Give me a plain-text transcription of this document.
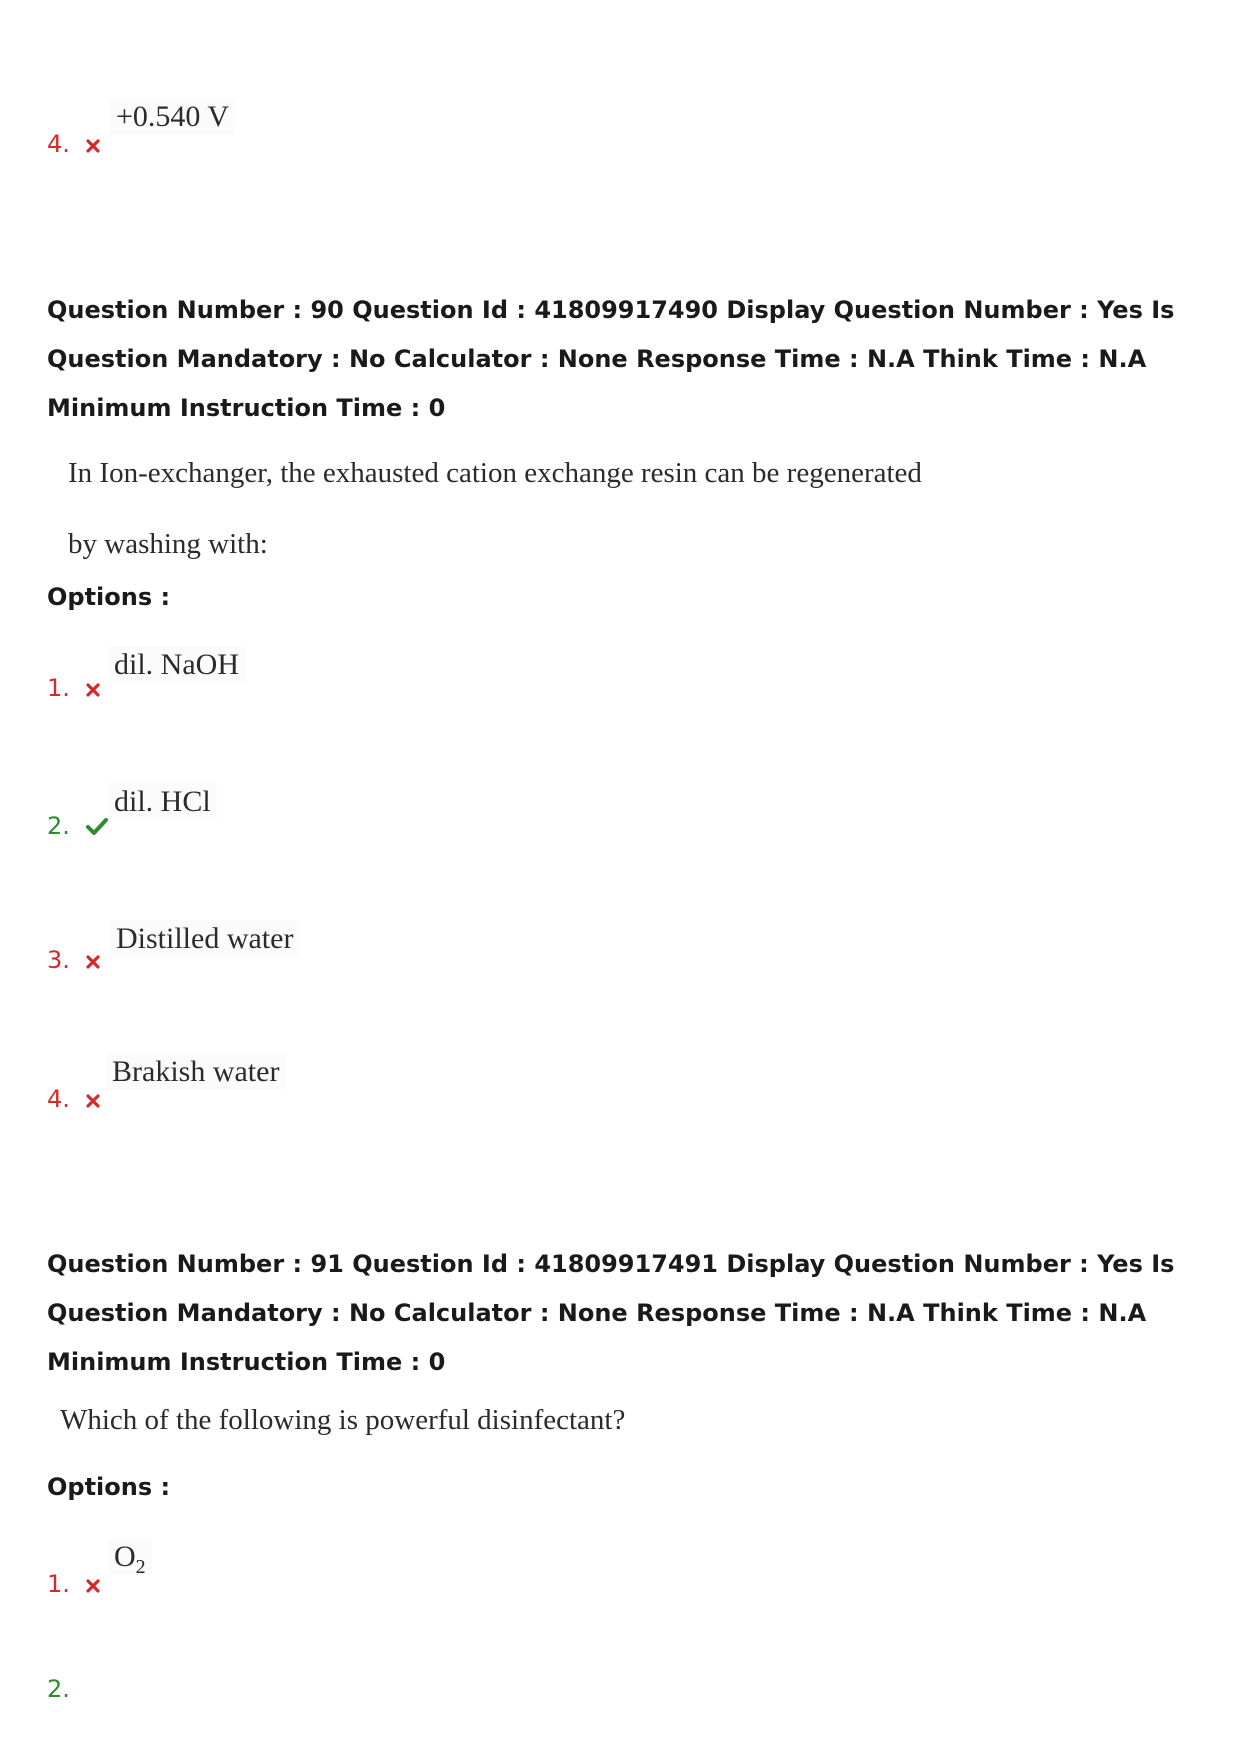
+0.540 V
4.
Question Number : 90 Question Id : 41809917490 Display Question Number : Yes Is Question Mandatory : No Calculator : None Response Time : N.A Think Time : N.A Minimum Instruction Time : 0
In Ion-exchanger, the exhausted cation exchange resin can be regenerated
by washing with:
Options :
dil. NaOH
1.
dil. HCl
2.
Distilled water
3.
Brakish water
4.
Question Number : 91 Question Id : 41809917491 Display Question Number : Yes Is Question Mandatory : No Calculator : None Response Time : N.A Think Time : N.A Minimum Instruction Time : 0
Which of the following is powerful disinfectant?
Options :
$O_2$
1.
2.
